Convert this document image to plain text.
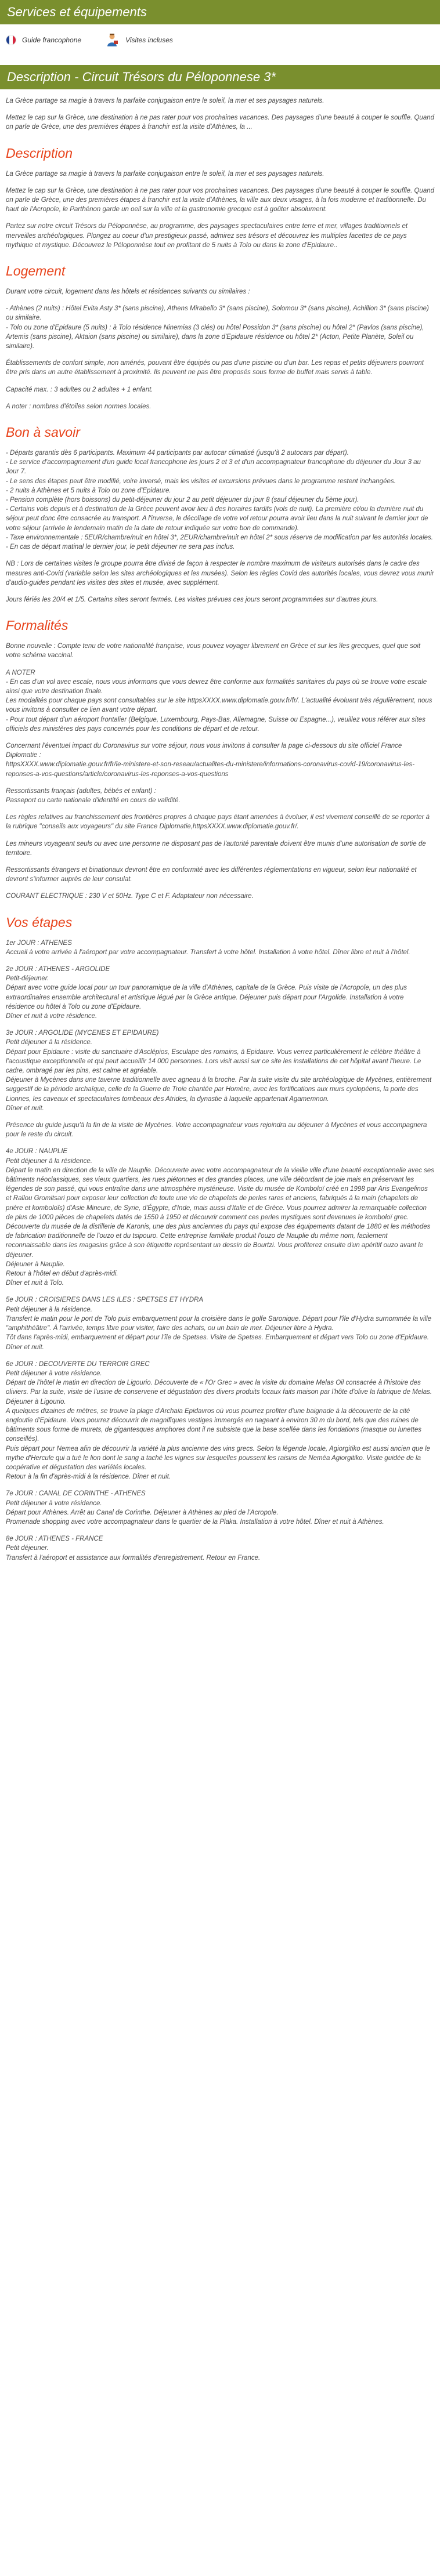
Services et équipements
Guide francophone	Visites incluses
Description - Circuit Trésors du Péloponnese 3*

La Grèce partage sa magie à travers la parfaite conjugaison entre le soleil, la mer et ses paysages naturels.

Mettez le cap sur la Grèce, une destination à ne pas rater pour vos prochaines vacances. Des paysages d'une beauté à couper le souffle. Quand on parle de Grèce, une des premières étapes à franchir est la visite d'Athènes, la ...

Description

La Grèce partage sa magie à travers la parfaite conjugaison entre le soleil, la mer et ses paysages naturels.

Mettez le cap sur la Grèce, une destination à ne pas rater pour vos prochaines vacances. Des paysages d'une beauté à couper le souffle. Quand on parle de Grèce, une des premières étapes à franchir est la visite d'Athènes, la ville aux deux visages, à la fois moderne et traditionnelle. Du haut de l'Acropole, le Parthénon garde un oeil sur la ville et la gastronomie grecque est à goûter absolument.

Partez sur notre circuit Trésors du Péloponnèse, au programme, des paysages spectaculaires entre terre et mer, villages traditionnels et merveilles archéologiques. Plongez au coeur d'un prestigieux passé, admirez ses trésors et découvrez les multiples facettes de ce pays mythique et mystique. Découvrez le Péloponnèse tout en profitant de 5 nuits à Tolo ou dans la zone d'Epidaure..

Logement

Durant votre circuit, logement dans les hôtels et résidences suivants ou similaires :

- Athènes (2 nuits) : Hôtel Evita Asty 3* (sans piscine), Athens Mirabello 3* (sans piscine), Solomou 3* (sans piscine), Achillion 3* (sans piscine) ou similaire.
- Tolo ou zone d'Epidaure (5 nuits) : à Tolo résidence Ninemias (3 clés) ou hôtel Possidon 3* (sans piscine) ou hôtel 2* (Pavlos (sans piscine), Artemis (sans piscine), Aktaion (sans piscine) ou similaire), dans la zone d'Epidaure résidence ou hôtel 2* (Acton, Petite Planète, Soleil ou similaire).

Établissements de confort simple, non aménés, pouvant être équipés ou pas d'une piscine ou d'un bar. Les repas et petits déjeuners pourront être pris dans un autre établissement à proximité. Ils peuvent ne pas être proposés sous forme de buffet mais servis à table.

Capacité max. : 3 adultes ou 2 adultes + 1 enfant.

A noter : nombres d'étoiles selon normes locales.

Bon à savoir

- Départs garantis dès 6 participants. Maximum 44 participants par autocar climatisé (jusqu'à 2 autocars par départ).
- Le service d'accompagnement d'un guide local francophone les jours 2 et 3 et d'un accompagnateur francophone du déjeuner du Jour 3 au Jour 7.
- Le sens des étapes peut être modifié, voire inversé, mais les visites et excursions prévues dans le programme restent inchangées.
- 2 nuits à Athènes et 5 nuits à Tolo ou zone d'Epidaure.
- Pension complète (hors boissons) du petit-déjeuner du jour 2 au petit déjeuner du jour 8 (sauf déjeuner du 5ème jour).
- Certains vols depuis et à destination de la Grèce peuvent avoir lieu à des horaires tardifs (vols de nuit). La première et/ou la dernière nuit du séjour peut donc être consacrée au transport. A l'inverse, le décollage de votre vol retour pourra avoir lieu dans la nuit suivant le dernier jour de votre séjour (arrivée le lendemain matin de la date de retour indiquée sur votre bon de commande).
- Taxe environnementale : 5EUR/chambre/nuit en hôtel 3*, 2EUR/chambre/nuit en hôtel 2* sous réserve de modification par les autorités locales.
- En cas de départ matinal le dernier jour, le petit déjeuner ne sera pas inclus.

NB : Lors de certaines visites le groupe pourra être divisé de façon à respecter le nombre maximum de visiteurs autorisés dans le cadre des mesures anti-Covid (variable selon les sites archéologiques et les musées). Selon les règles Covid des autorités locales, vous devrez vous munir d'audio-guides pendant les visites des sites et musée, avec supplément.

Jours fériés les 20/4 et 1/5. Certains sites seront fermés. Les visites prévues ces jours seront programmées sur d'autres jours.

Formalités

Bonne nouvelle : Compte tenu de votre nationalité française, vous pouvez voyager librement en Grèce et sur les îles grecques, quel que soit votre schéma vaccinal.

A NOTER
- En cas d'un vol avec escale, nous vous informons que vous devrez être conforme aux formalités sanitaires du pays où se trouve votre escale ainsi que votre destination finale.
Les modalités pour chaque pays sont consultables sur le site httpsXXXX.www.diplomatie.gouv.fr/fr/. L'actualité évoluant très régulièrement, nous vous invitons à consulter ce lien avant votre départ.
- Pour tout départ d'un aéroport frontalier (Belgique, Luxembourg, Pays-Bas, Allemagne, Suisse ou Espagne...), veuillez vous référer aux sites officiels des ministères des pays concernés pour les conditions de départ et de retour.

Concernant l'éventuel impact du Coronavirus sur votre séjour, nous vous invitons à consulter la page ci-dessous du site officiel France Diplomatie :
httpsXXXX.www.diplomatie.gouv.fr/fr/le-ministere-et-son-reseau/actualites-du-ministere/informations-coronavirus-covid-19/coronavirus-les-reponses-a-vos-questions/article/coronavirus-les-reponses-a-vos-questions

Ressortissants français (adultes, bébés et enfant) :
Passeport ou carte nationale d'identité en cours de validité.

Les règles relatives au franchissement des frontières propres à chaque pays étant amenées à évoluer, il est vivement conseillé de se reporter à la rubrique "conseils aux voyageurs" du site France Diplomatie,httpsXXXX.www.diplomatie.gouv.fr/.

Les mineurs voyageant seuls ou avec une personne ne disposant pas de l'autorité parentale doivent être munis d'une autorisation de sortie de territoire.

Ressortissants étrangers et binationaux devront être en conformité avec les différentes réglementations en vigueur, selon leur nationalité et devront s'informer auprès de leur consulat.

COURANT ELECTRIQUE : 230 V et 50Hz. Type C et F. Adaptateur non nécessaire.

Vos étapes

1er JOUR : ATHENES
Accueil à votre arrivée à l'aéroport par votre accompagnateur. Transfert à votre hôtel. Installation à votre hôtel. Dîner libre et nuit à l'hôtel.

2e JOUR : ATHENES - ARGOLIDE
Petit-déjeuner.
Départ avec votre guide local pour un tour panoramique de la ville d'Athènes, capitale de la Grèce. Puis visite de l'Acropole, un des plus extraordinaires ensemble architectural et artistique légué par la Grèce antique. Déjeuner puis départ pour l'Argolide. Installation à votre résidence ou hôtel à Tolo ou zone d'Epidaure.
Dîner et nuit à votre résidence.

3e JOUR : ARGOLIDE (MYCENES ET EPIDAURE)
Petit déjeuner à la résidence.
Départ pour Epidaure : visite du sanctuaire d'Asclépios, Esculape des romains, à Epidaure. Vous verrez particulièrement le célèbre théâtre à l'acoustique exceptionnelle et qui peut accueillir 14 000 personnes. Lors visit aussi sur ce site les installations de cet hôpital avant l'heure. Le cadre, ombragé par les pins, est calme et agréable.
Déjeuner à Mycènes dans une taverne traditionnelle avec agneau à la broche. Par la suite visite du site archéologique de Mycènes, entièrement suggestif de la période archaïque, celle de la Guerre de Troie chantée par Homère, avec les fortifications aux murs cyclopéens, la porte des Lionnes, les caveaux et spectaculaires tombeaux des Atrides, la dynastie à laquelle appartenait Agamemnon.
Dîner et nuit.

Présence du guide jusqu'à la fin de la visite de Mycènes. Votre accompagnateur vous rejoindra au déjeuner à Mycènes et vous accompagnera pour le reste du circuit.

4e JOUR : NAUPLIE
Petit déjeuner à la résidence.
Départ le matin en direction de la ville de Nauplie. Découverte avec votre accompagnateur de la vieille ville d'une beauté exceptionnelle avec ses bâtiments néoclassiques, ses vieux quartiers, les rues piétonnes et des grandes places, une ville débordant de joie mais en préservant les légendes de son passé, qui vous entraîne dans une atmosphère mystérieuse. Visite du musée de Komboloï créé en 1998 par Aris Evangelinos et Rallou Gromitsari pour exposer leur collection de toute une vie de chapelets de perles rares et anciens, fabriqués à la main (chapelets de prière et komboloïs) d'Asie Mineure, de Syrie, d'Égypte, d'Inde, mais aussi d'Italie et de Grèce. Vous pourrez admirer la remarquable collection de plus de 1000 pièces de chapelets datés de 1550 à 1950 et découvrir comment ces perles mystiques sont devenues le komboloï grec.
Découverte du musée de la distillerie de Karonis, une des plus anciennes du pays qui expose des équipements datant de 1880 et les méthodes de fabrication traditionnelle de l'ouzo et du tsipouro. Cette entreprise familiale produit l'ouzo de Nauplie du même nom, facilement reconnaissable dans les magasins grâce à son étiquette représentant un dessin de Bourtzi. Vous profiterez ensuite d'un apéritif ouzo avant le déjeuner.
Déjeuner à Nauplie.
Retour à l'hôtel en début d'après-midi.
Dîner et nuit à Tolo.

5e JOUR : CROISIERES DANS LES ILES : SPETSES ET HYDRA
Petit déjeuner à la résidence.
Transfert le matin pour le port de Tolo puis embarquement pour la croisière dans le golfe Saronique. Départ pour l'île d'Hydra surnommée la ville "amphithéâtre". À l'arrivée, temps libre pour visiter, faire des achats, ou un bain de mer. Déjeuner libre à Hydra.
Tôt dans l'après-midi, embarquement et départ pour l'île de Spetses. Visite de Spetses. Embarquement et départ vers Tolo ou zone d'Epidaure. Dîner et nuit.

6e JOUR : DECOUVERTE DU TERROIR GREC
Petit déjeuner à votre résidence.
Départ de l'hôtel le matin en direction de Ligourio. Découverte de « l'Or Grec » avec la visite du domaine Melas Oil consacrée à l'histoire des oliviers. Par la suite, visite de l'usine de conserverie et dégustation des divers produits locaux faits maison par l'hôte d'olive la fabrique de Melas.
Déjeuner à Ligourio.
A quelques dizaines de mètres, se trouve la plage d'Archaia Epidavros où vous pourrez profiter d'une baignade à la découverte de la cité engloutie d'Epidaure. Vous pourrez découvrir de magnifiques vestiges immergés en nageant à environ 30 m du bord, tels que des ruines de bâtiments sous forme de murets, de gigantesques amphores dont il ne subsiste que la base scellée dans les fondations (masque ou lunettes conseillés).
Puis départ pour Nemea afin de découvrir la variété la plus ancienne des vins grecs. Selon la légende locale, Agiorgitiko est aussi ancien que le mythe d'Hercule qui a tué le lion dont le sang a taché les vignes sur lesquelles poussent les raisins de Neméa Agiorgitiko. Visite guidée de la coopérative et dégustation des variétés locales.
Retour à la fin d'après-midi à la résidence. Dîner et nuit.

7e JOUR : CANAL DE CORINTHE - ATHENES
Petit déjeuner à votre résidence.
Départ pour Athènes. Arrêt au Canal de Corinthe. Déjeuner à Athènes au pied de l'Acropole.
Promenade shopping avec votre accompagnateur dans le quartier de la Plaka. Installation à votre hôtel. Dîner et nuit à Athènes.

8e JOUR : ATHENES - FRANCE
Petit déjeuner.
Transfert à l'aéroport et assistance aux formalités d'enregistrement. Retour en France.
